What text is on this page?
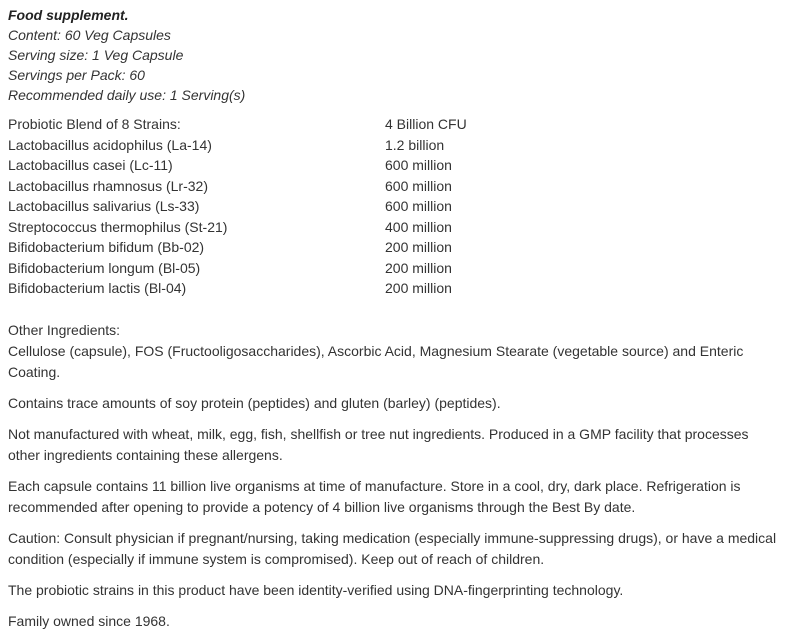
Food supplement.
Content: 60 Veg Capsules
Serving size: 1 Veg Capsule
Servings per Pack: 60
Recommended daily use: 1 Serving(s)
Probiotic Blend of 8 Strains:	4 Billion CFU
Lactobacillus acidophilus (La-14)	1.2 billion
Lactobacillus casei (Lc-11)	600 million
Lactobacillus rhamnosus (Lr-32)	600 million
Lactobacillus salivarius (Ls-33)	600 million
Streptococcus thermophilus (St-21)	400 million
Bifidobacterium bifidum (Bb-02)	200 million
Bifidobacterium longum (Bl-05)	200 million
Bifidobacterium lactis (Bl-04)	200 million

Other Ingredients:
Cellulose (capsule), FOS (Fructooligosaccharides), Ascorbic Acid, Magnesium Stearate (vegetable source) and Enteric Coating.

Contains trace amounts of soy protein (peptides) and gluten (barley) (peptides).

Not manufactured with wheat, milk, egg, fish, shellfish or tree nut ingredients. Produced in a GMP facility that processes other ingredients containing these allergens.

Each capsule contains 11 billion live organisms at time of manufacture. Store in a cool, dry, dark place. Refrigeration is recommended after opening to provide a potency of 4 billion live organisms through the Best By date.

Caution: Consult physician if pregnant/nursing, taking medication (especially immune-suppressing drugs), or have a medical condition (especially if immune system is compromised). Keep out of reach of children.

The probiotic strains in this product have been identity-verified using DNA-fingerprinting technology.

Family owned since 1968.
